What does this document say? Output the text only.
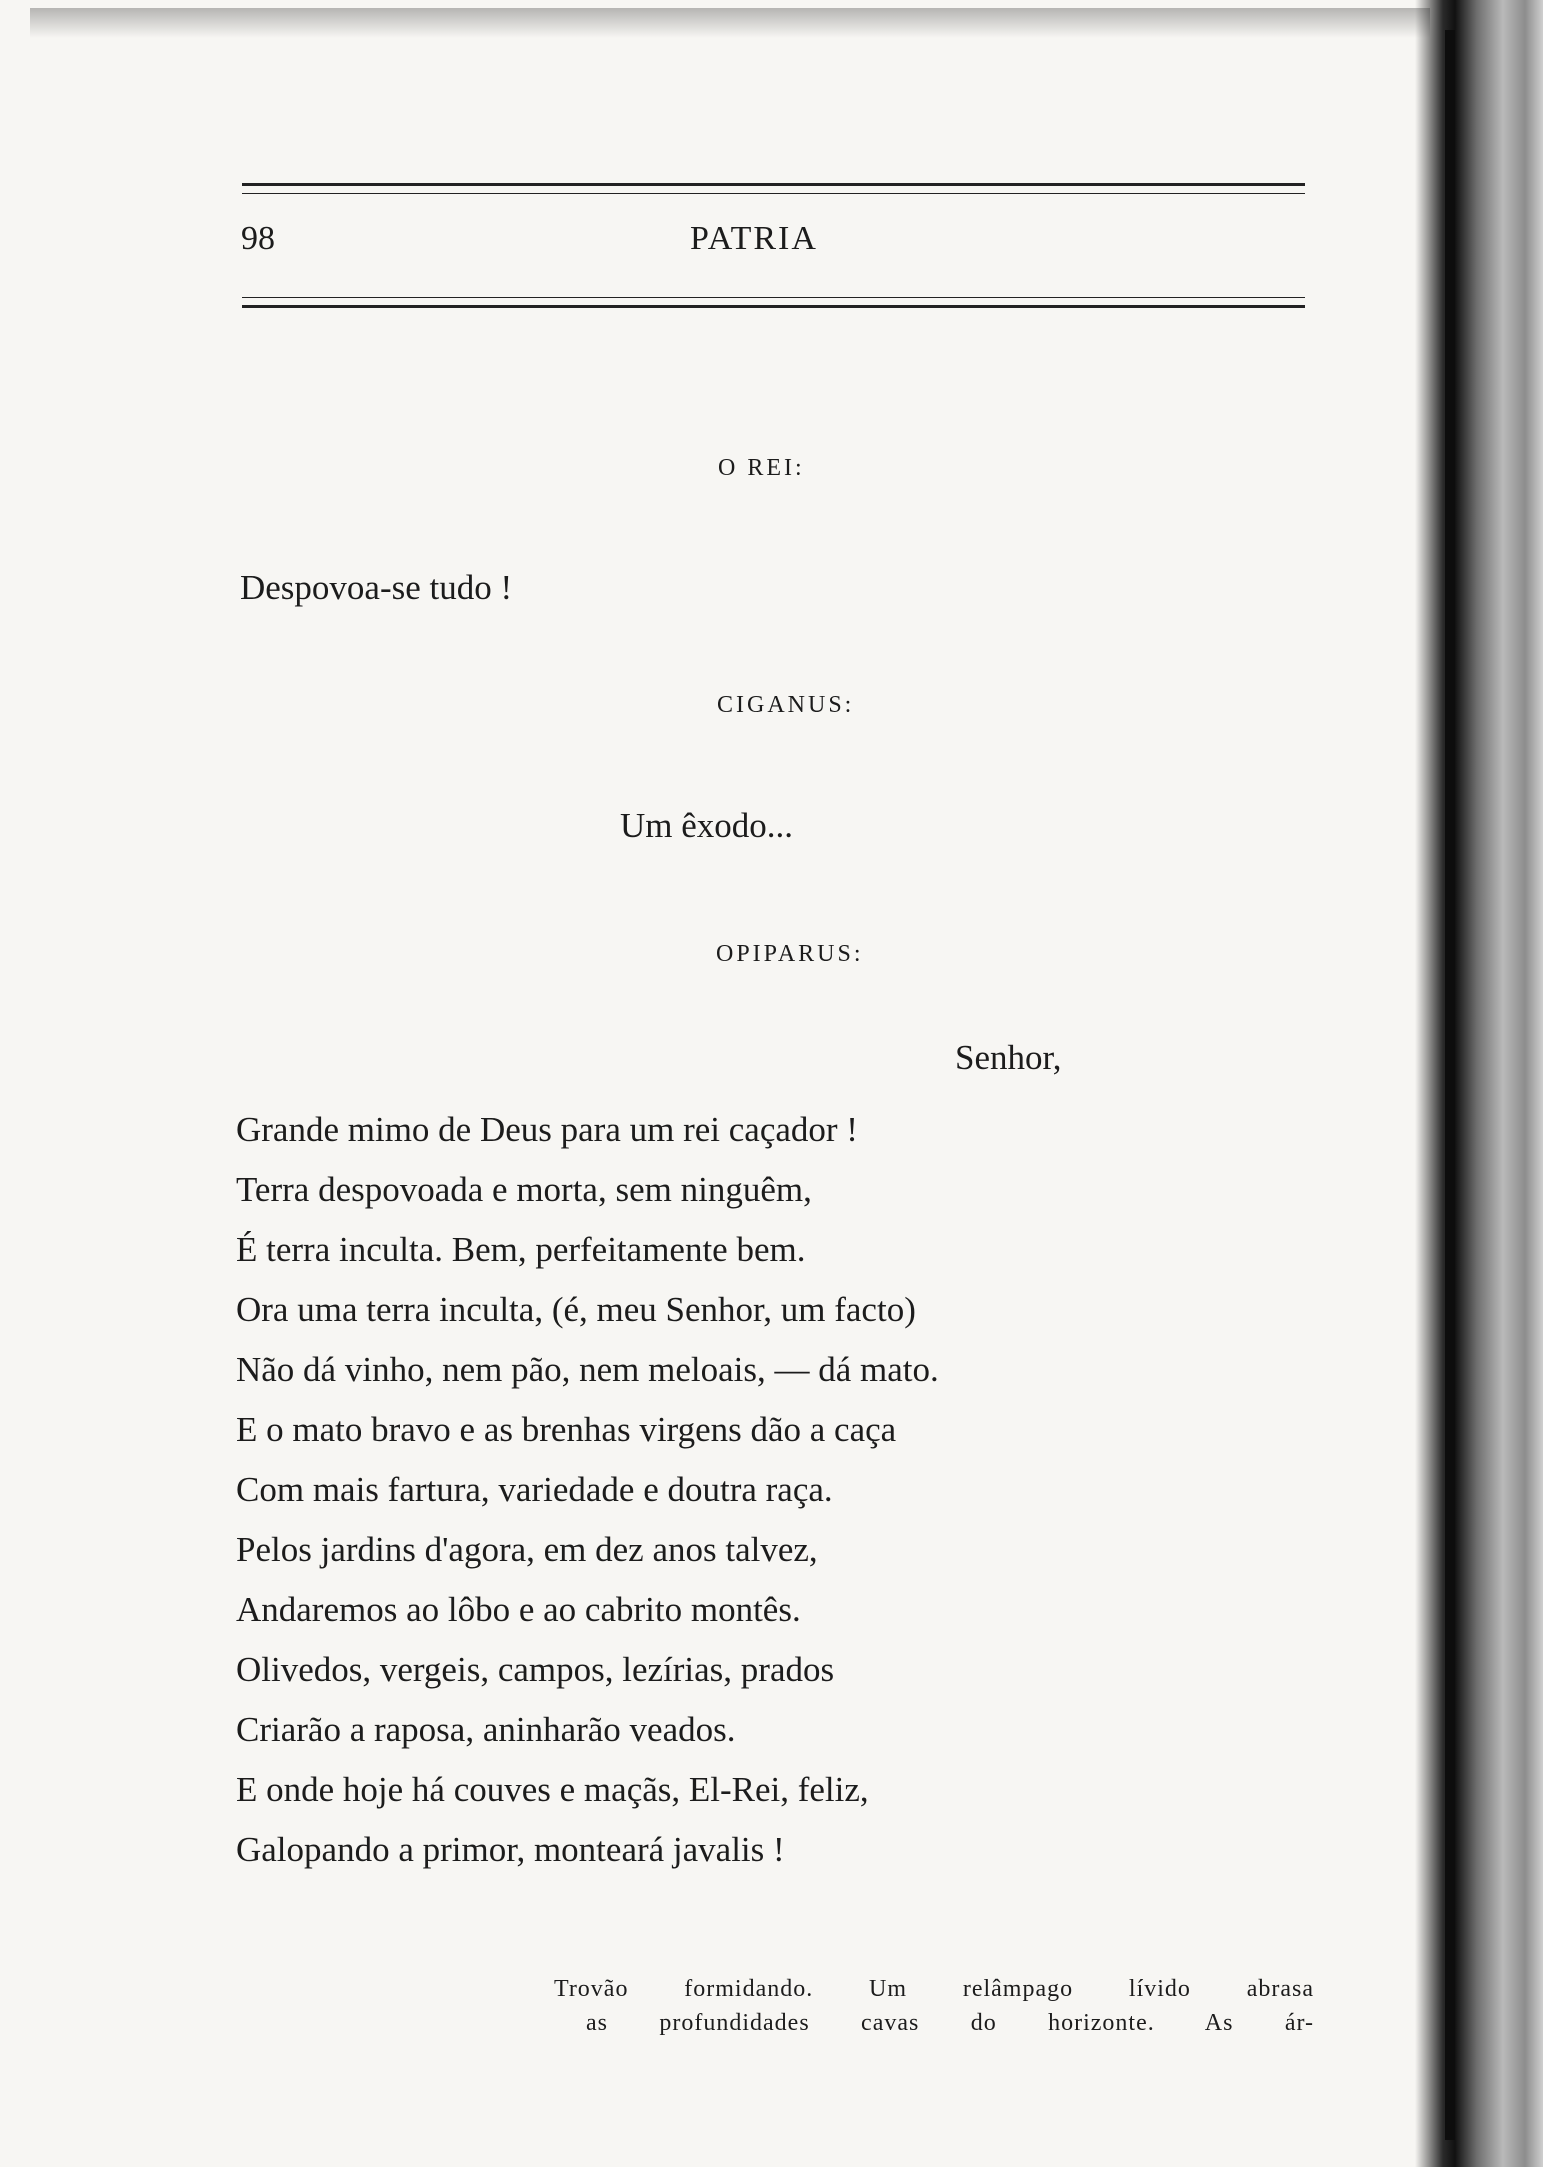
98	PATRIA
O REI:
Despovoa-se tudo !
CIGANUS:
Um êxodo...
OPIPARUS:
Senhor,
Grande mimo de Deus para um rei caçador !
Terra despovoada e morta, sem ninguêm,
É terra inculta. Bem, perfeitamente bem.
Ora uma terra inculta, (é, meu Senhor, um facto)
Não dá vinho, nem pão, nem meloais, — dá mato.
E o mato bravo e as brenhas virgens dão a caça
Com mais fartura, variedade e doutra raça.
Pelos jardins d'agora, em dez anos talvez,
Andaremos ao lôbo e ao cabrito montês.
Olivedos, vergeis, campos, lezírias, prados
Criarão a raposa, aninharão veados.
E onde hoje há couves e maçãs, El-Rei, feliz,
Galopando a primor, monteará javalis !
Trovão formidando. Um relâmpago lívido abrasa
as profundidades cavas do horizonte. As ár-
